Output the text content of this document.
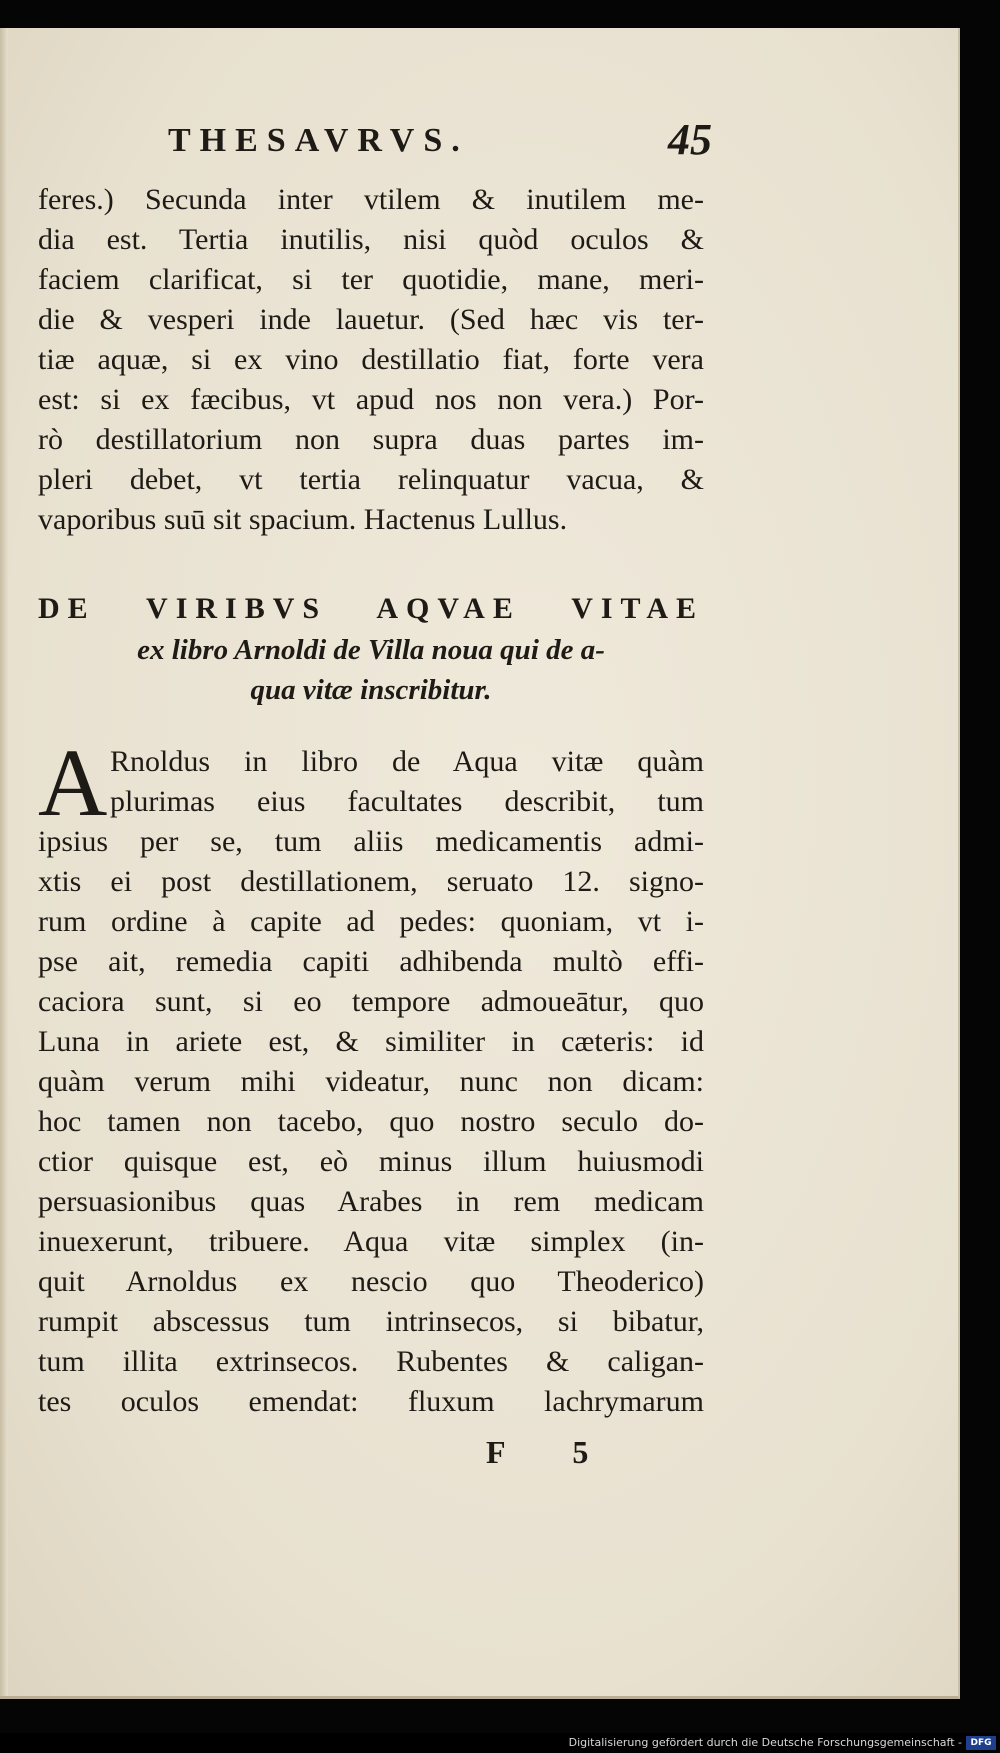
THESAVRVS.	45
feres.) Secunda inter vtilem & inutilem me-
dia est. Tertia inutilis, nisi quòd oculos &
faciem clarificat, si ter quotidie, mane, meri-
die & vesperi inde lauetur. (Sed hæc vis ter-
tiæ aquæ, si ex vino destillatio fiat, forte vera
est: si ex fæcibus, vt apud nos non vera.) Por-
rò destillatorium non supra duas partes im-
pleri debet, vt tertia relinquatur vacua, &
vaporibus suū sit spacium. Hactenus Lullus.
DE VIRIBVS AQVAE VITAE
ex libro Arnoldi de Villa noua qui de a-
qua vitæ inscribitur.
A Rnoldus in libro de Aqua vitæ quàm
plurimas eius facultates describit, tum
ipsius per se, tum aliis medicamentis admi-
xtis ei post destillationem, seruato 12. signo-
rum ordine à capite ad pedes: quoniam, vt i-
pse ait, remedia capiti adhibenda multò effi-
caciora sunt, si eo tempore admoueātur, quo
Luna in ariete est, & similiter in cæteris: id
quàm verum mihi videatur, nunc non dicam:
hoc tamen non tacebo, quo nostro seculo do-
ctior quisque est, eò minus illum huiusmodi
persuasionibus quas Arabes in rem medicam
inuexerunt, tribuere. Aqua vitæ simplex (in-
quit Arnoldus ex nescio quo Theoderico)
rumpit abscessus tum intrinsecos, si bibatur,
tum illita extrinsecos. Rubentes & caligan-
tes oculos emendat: fluxum lachrymarum
F 5
Digitalisierung gefördert durch die Deutsche Forschungsgemeinschaft - DFG
